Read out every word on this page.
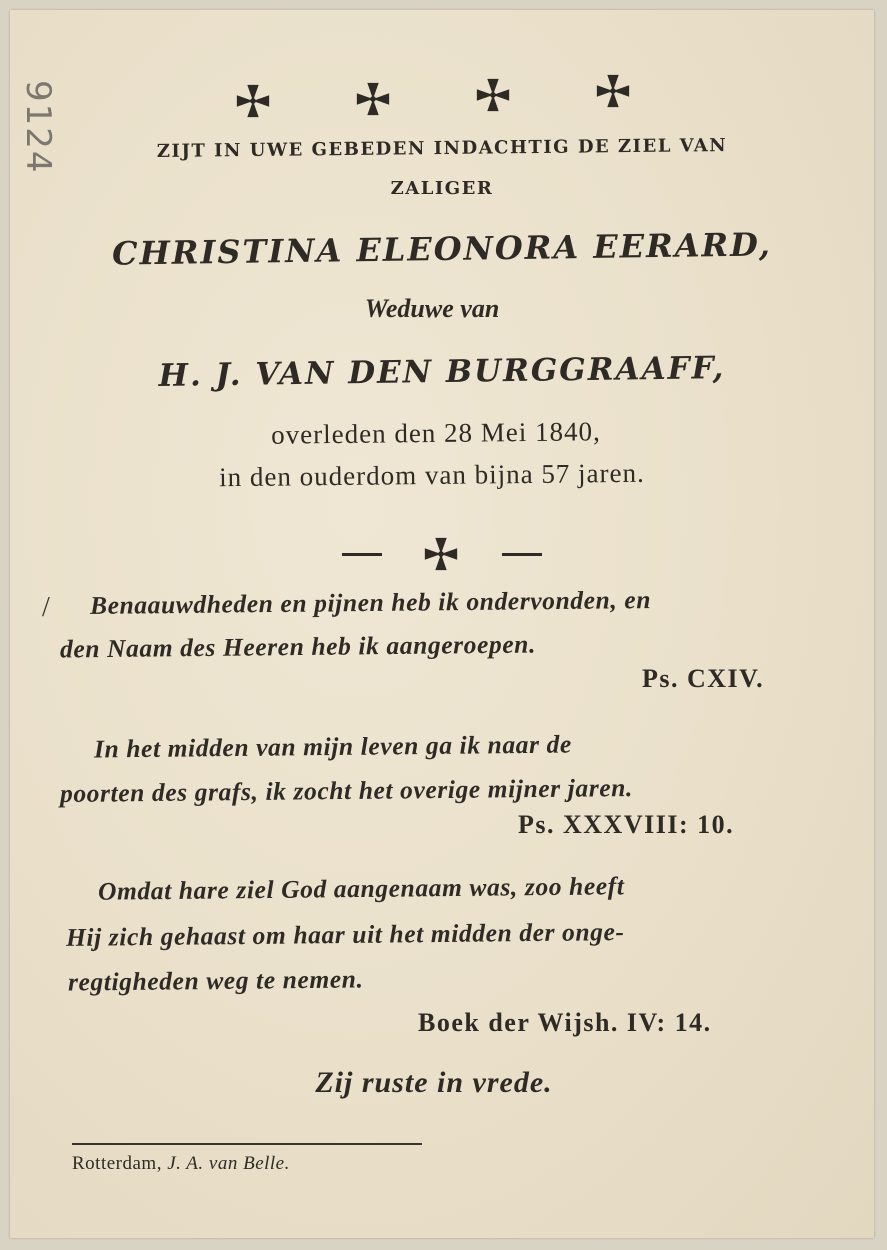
9124	ZIJT IN UWE GEBEDEN INDACHTIG DE ZIEL VAN
ZALIGER
CHRISTINA ELEONORA EERARD,
Weduwe van
H. J. VAN DEN BURGGRAAFF,
overleden den 28 Mei 1840,
in den ouderdom van bijna 57 jaren.
/ Benaauwdheden en pijnen heb ik ondervonden, en
den Naam des Heeren heb ik aangeroepen.
Ps. CXIV.
In het midden van mijn leven ga ik naar de
poorten des grafs, ik zocht het overige mijner jaren.
Ps. XXXVIII: 10.
Omdat hare ziel God aangenaam was, zoo heeft
Hij zich gehaast om haar uit het midden der onge-
regtigheden weg te nemen.
Boek der Wijsh. IV: 14.
Zij ruste in vrede.
Rotterdam, J. A. van Belle.
